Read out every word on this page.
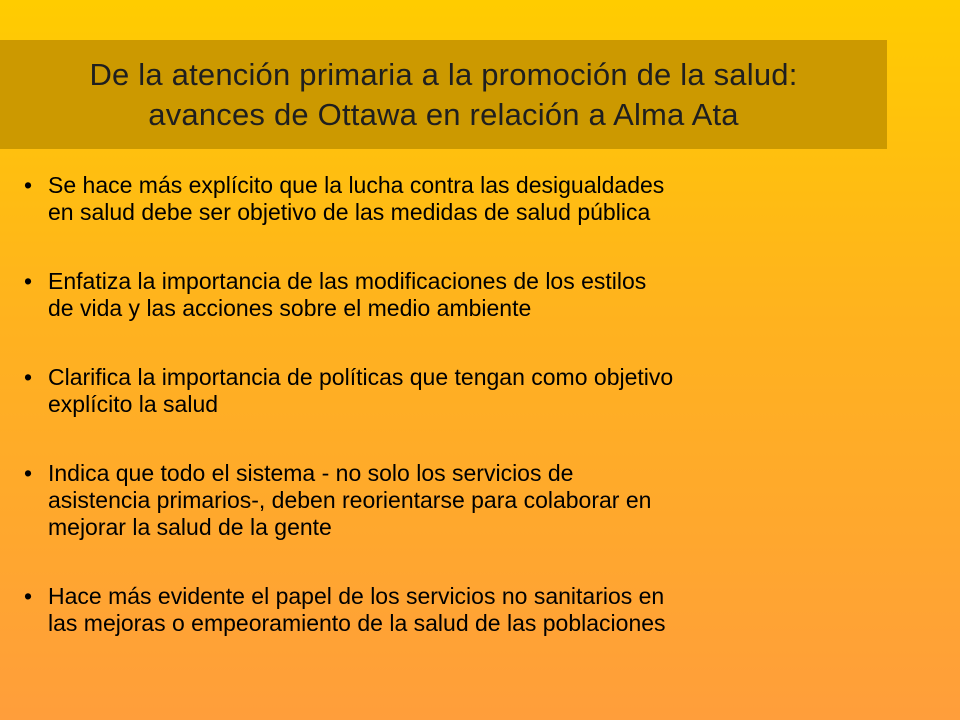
De la atención primaria a la promoción de la salud:
avances de Ottawa en relación a Alma Ata
• Se hace más explícito que la lucha contra las desigualdades
en salud debe ser objetivo de las medidas de salud pública
• Enfatiza la importancia de las modificaciones de los estilos
de vida y las acciones sobre el medio ambiente
• Clarifica la importancia de políticas que tengan como objetivo
explícito la salud
• Indica que todo el sistema - no solo los servicios de
asistencia primarios-, deben reorientarse para colaborar en
mejorar la salud de la gente
• Hace más evidente el papel de los servicios no sanitarios en
las mejoras o empeoramiento de la salud de las poblaciones
